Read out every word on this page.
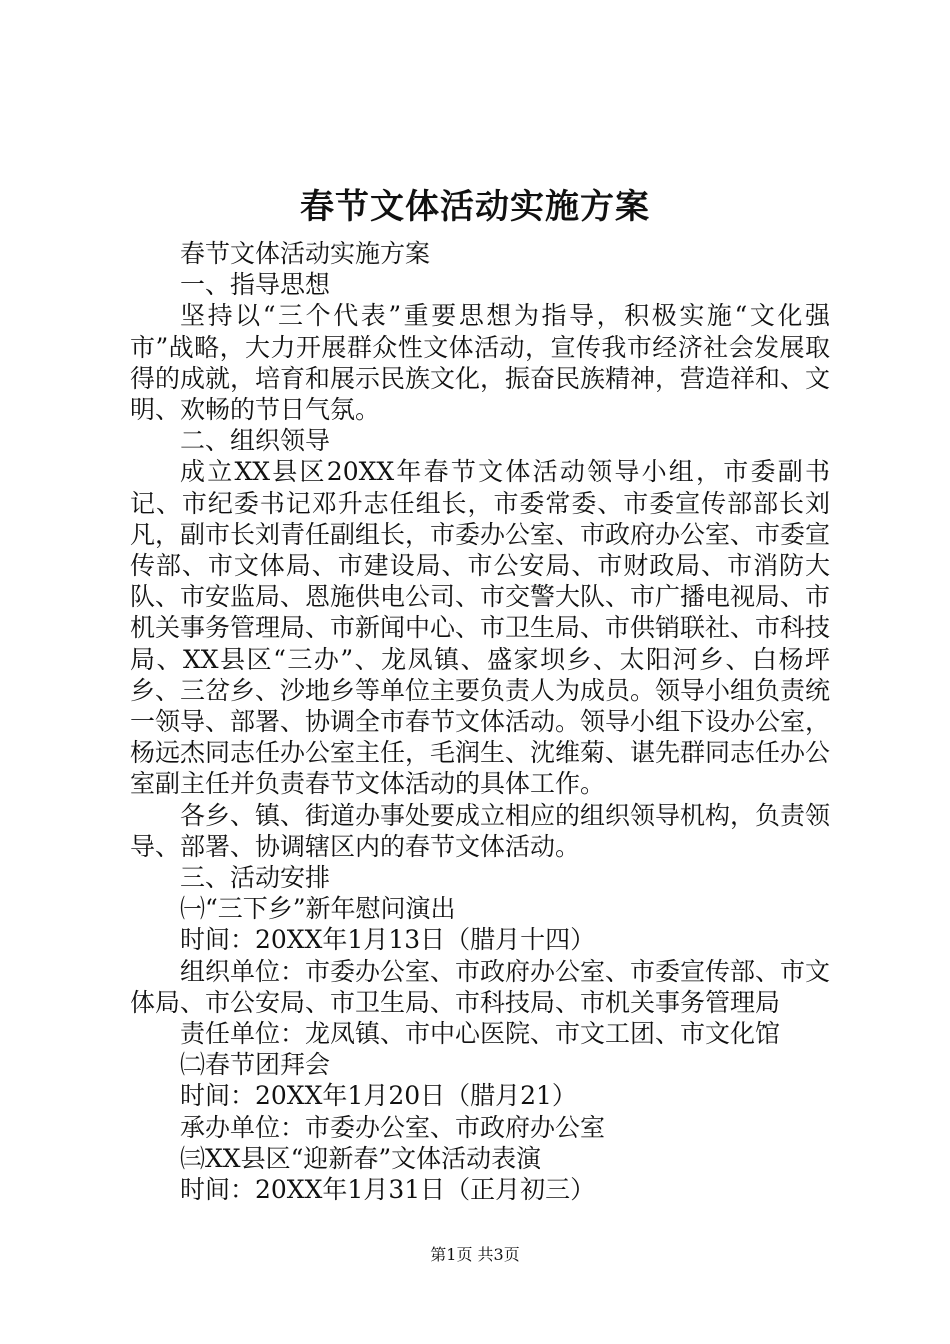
春节文体活动实施方案

春节文体活动实施方案

一、指导思想

坚持以“三个代表”重要思想为指导，积极实施“文化强市”战略，大力开展群众性文体活动，宣传我市经济社会发展取得的成就，培育和展示民族文化，振奋民族精神，营造祥和、文明、欢畅的节日气氛。

二、组织领导

成立XX县区20XX年春节文体活动领导小组，市委副书记、市纪委书记邓升志任组长，市委常委、市委宣传部部长刘凡，副市长刘青任副组长，市委办公室、市政府办公室、市委宣传部、市文体局、市建设局、市公安局、市财政局、市消防大队、市安监局、恩施供电公司、市交警大队、市广播电视局、市机关事务管理局、市新闻中心、市卫生局、市供销联社、市科技局、XX县区“三办”、龙凤镇、盛家坝乡、太阳河乡、白杨坪乡、三岔乡、沙地乡等单位主要负责人为成员。领导小组负责统一领导、部署、协调全市春节文体活动。领导小组下设办公室，杨远杰同志任办公室主任，毛润生、沈维菊、谌先群同志任办公室副主任并负责春节文体活动的具体工作。

各乡、镇、街道办事处要成立相应的组织领导机构，负责领导、部署、协调辖区内的春节文体活动。

三、活动安排

㈠“三下乡”新年慰问演出

时间：20XX年1月13日（腊月十四）

组织单位：市委办公室、市政府办公室、市委宣传部、市文体局、市公安局、市卫生局、市科技局、市机关事务管理局

责任单位：龙凤镇、市中心医院、市文工团、市文化馆

㈡春节团拜会

时间：20XX年1月20日（腊月21）

承办单位：市委办公室、市政府办公室

㈢XX县区“迎新春”文体活动表演

时间：20XX年1月31日（正月初三）

第1页 共3页
